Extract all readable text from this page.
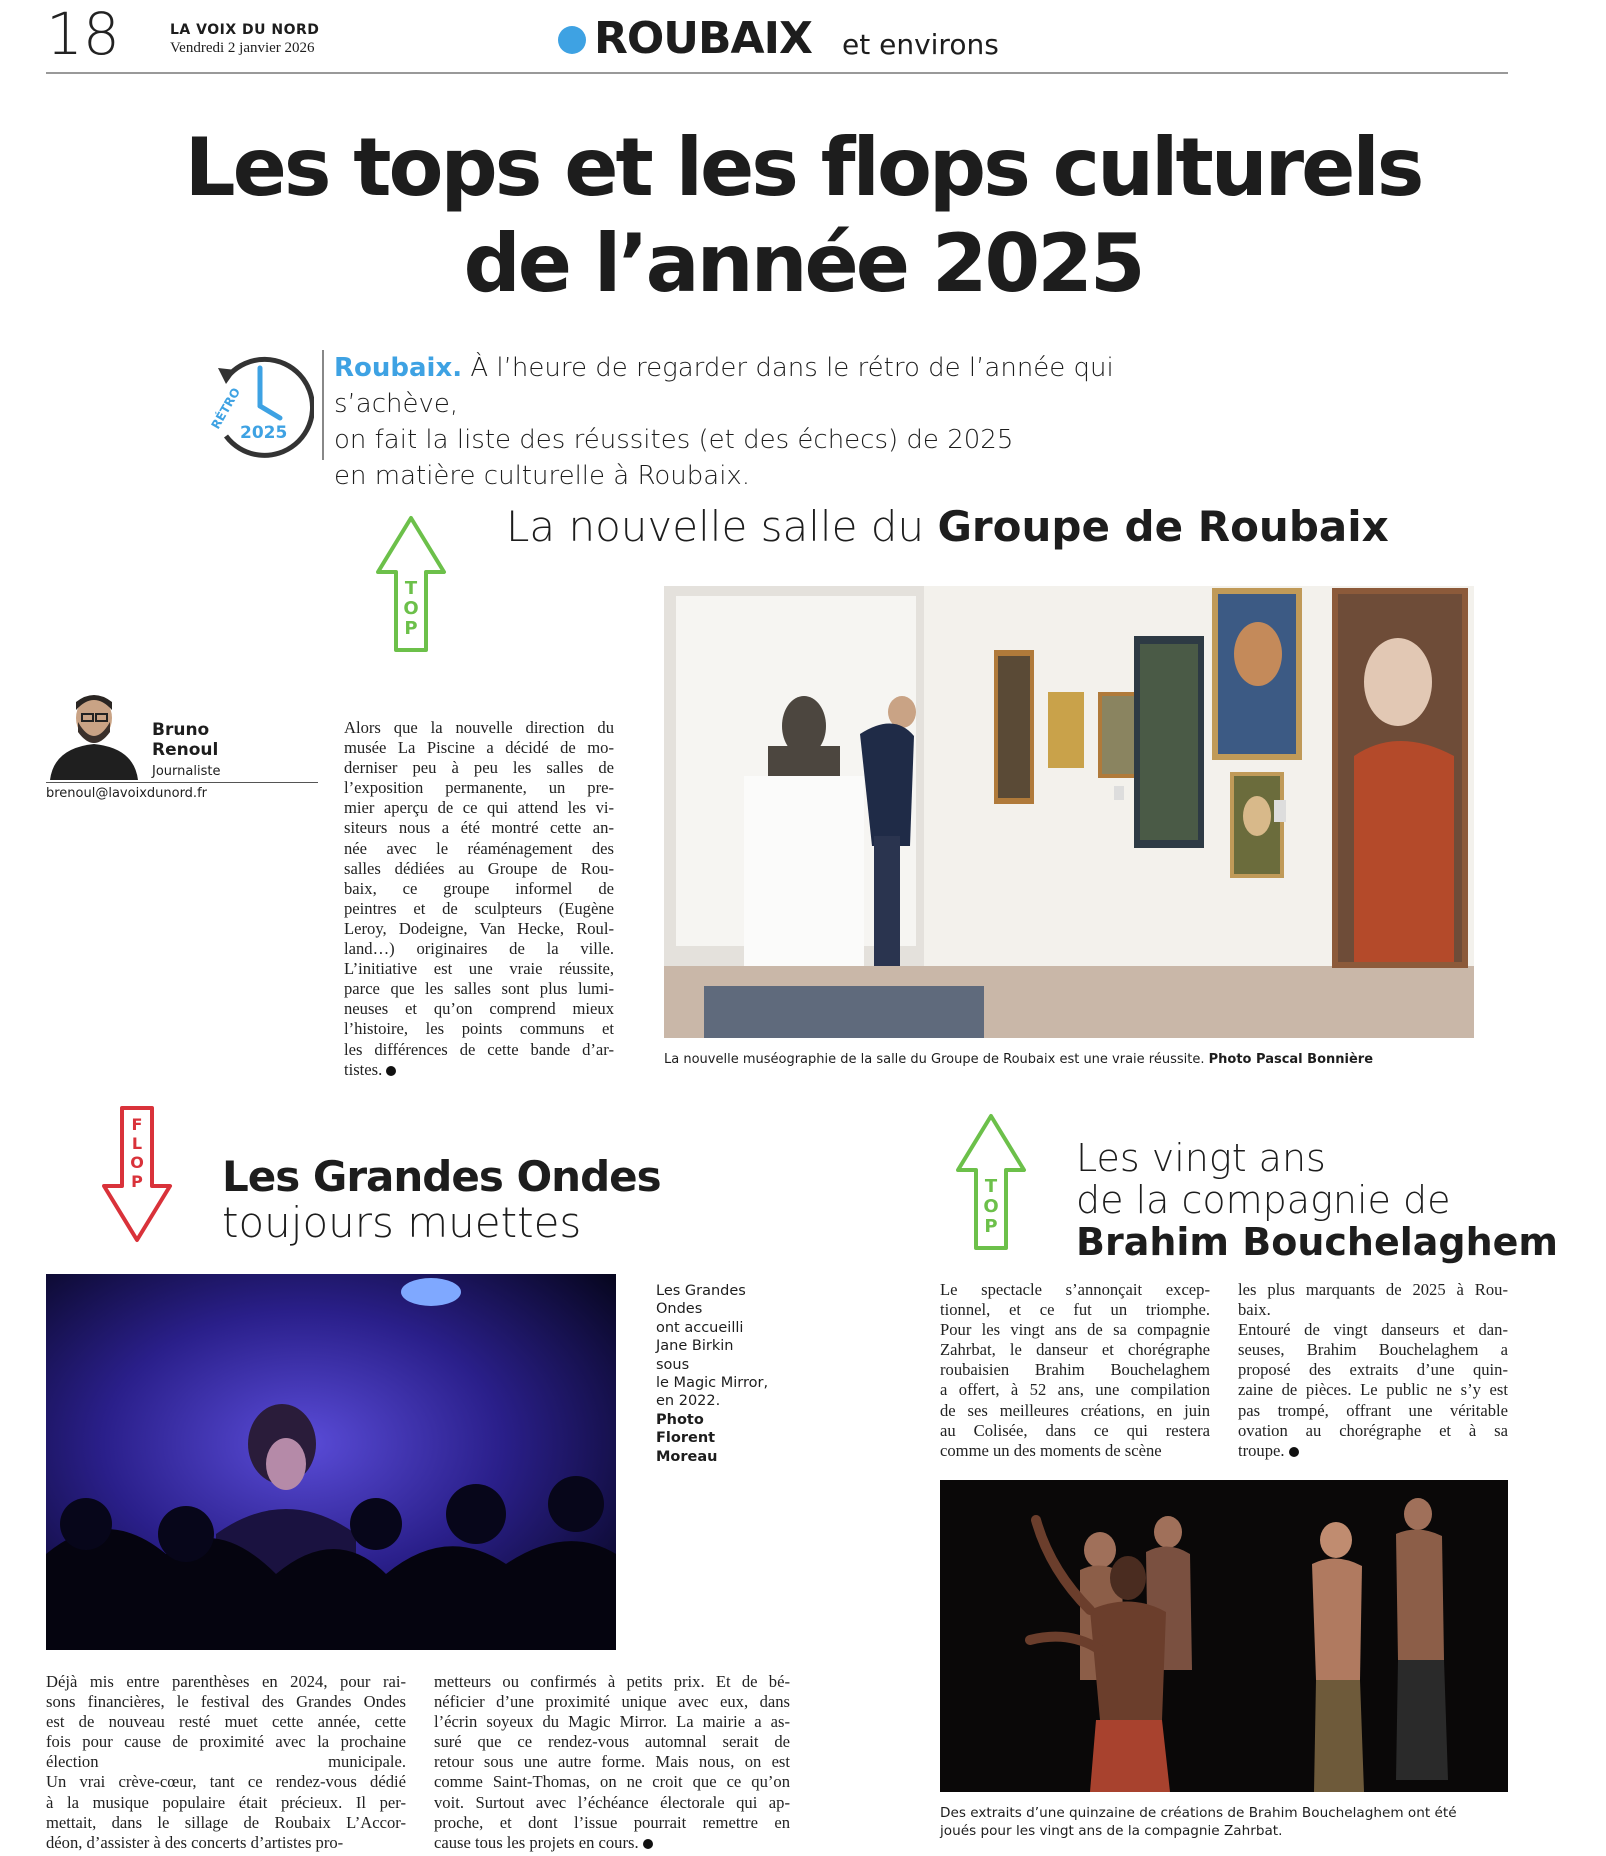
18	LA VOIX DU NORD
Vendredi 2 janvier 2026	ROUBAIX et environs
Les tops et les flops culturels
de l’année 2025
RÉTRO
2025
Roubaix. À l’heure de regarder dans le rétro de l’année qui s’achève,
on fait la liste des réussites (et des échecs) de 2025
en matière culturelle à Roubaix.
T O P
La nouvelle salle du Groupe de Roubaix
Bruno
Renoul
Journaliste
brenoul@lavoixdunord.fr
Alors que la nouvelle direction du
musée La Piscine a décidé de mo-
derniser peu à peu les salles de
l’exposition permanente, un pre-
mier aperçu de ce qui attend les vi-
siteurs nous a été montré cette an-
née avec le réaménagement des
salles dédiées au Groupe de Rou-
baix, ce groupe informel de
peintres et de sculpteurs (Eugène
Leroy, Dodeigne, Van Hecke, Roul-
land…) originaires de la ville.
L’initiative est une vraie réussite,
parce que les salles sont plus lumi-
neuses et qu’on comprend mieux
l’histoire, les points communs et
les différences de cette bande d’ar-
tistes.
La nouvelle muséographie de la salle du Groupe de Roubaix est une vraie réussite. Photo Pascal Bonnière
F L O P Les Grandes Ondes
toujours muettes
Les Grandes
Ondes
ont accueilli
Jane Birkin
sous
le Magic Mirror,
en 2022.
Photo
Florent Moreau
Déjà mis entre parenthèses en 2024, pour rai-
sons financières, le festival des Grandes Ondes
est de nouveau resté muet cette année, cette
fois pour cause de proximité avec la prochaine
élection municipale.
Un vrai crève-cœur, tant ce rendez-vous dédié
à la musique populaire était précieux. Il per-
mettait, dans le sillage de Roubaix L’Accor-
déon, d’assister à des concerts d’artistes pro-
metteurs ou confirmés à petits prix. Et de bé-
néficier d’une proximité unique avec eux, dans
l’écrin soyeux du Magic Mirror. La mairie a as-
suré que ce rendez-vous automnal serait de
retour sous une autre forme. Mais nous, on est
comme Saint-Thomas, on ne croit que ce qu’on
voit. Surtout avec l’échéance électorale qui ap-
proche, et dont l’issue pourrait remettre en
cause tous les projets en cours.
T O P
Les vingt ans
de la compagnie de
Brahim Bouchelaghem
Le spectacle s’annonçait excep-
tionnel, et ce fut un triomphe.
Pour les vingt ans de sa compagnie
Zahrbat, le danseur et chorégraphe
roubaisien Brahim Bouchelaghem
a offert, à 52 ans, une compilation
de ses meilleures créations, en juin
au Colisée, dans ce qui restera
comme un des moments de scène
les plus marquants de 2025 à Rou-
baix.
Entouré de vingt danseurs et dan-
seuses, Brahim Bouchelaghem a
proposé des extraits d’une quin-
zaine de pièces. Le public ne s’y est
pas trompé, offrant une véritable
ovation au chorégraphe et à sa
troupe.
Des extraits d’une quinzaine de créations de Brahim Bouchelaghem ont été
joués pour les vingt ans de la compagnie Zahrbat.
